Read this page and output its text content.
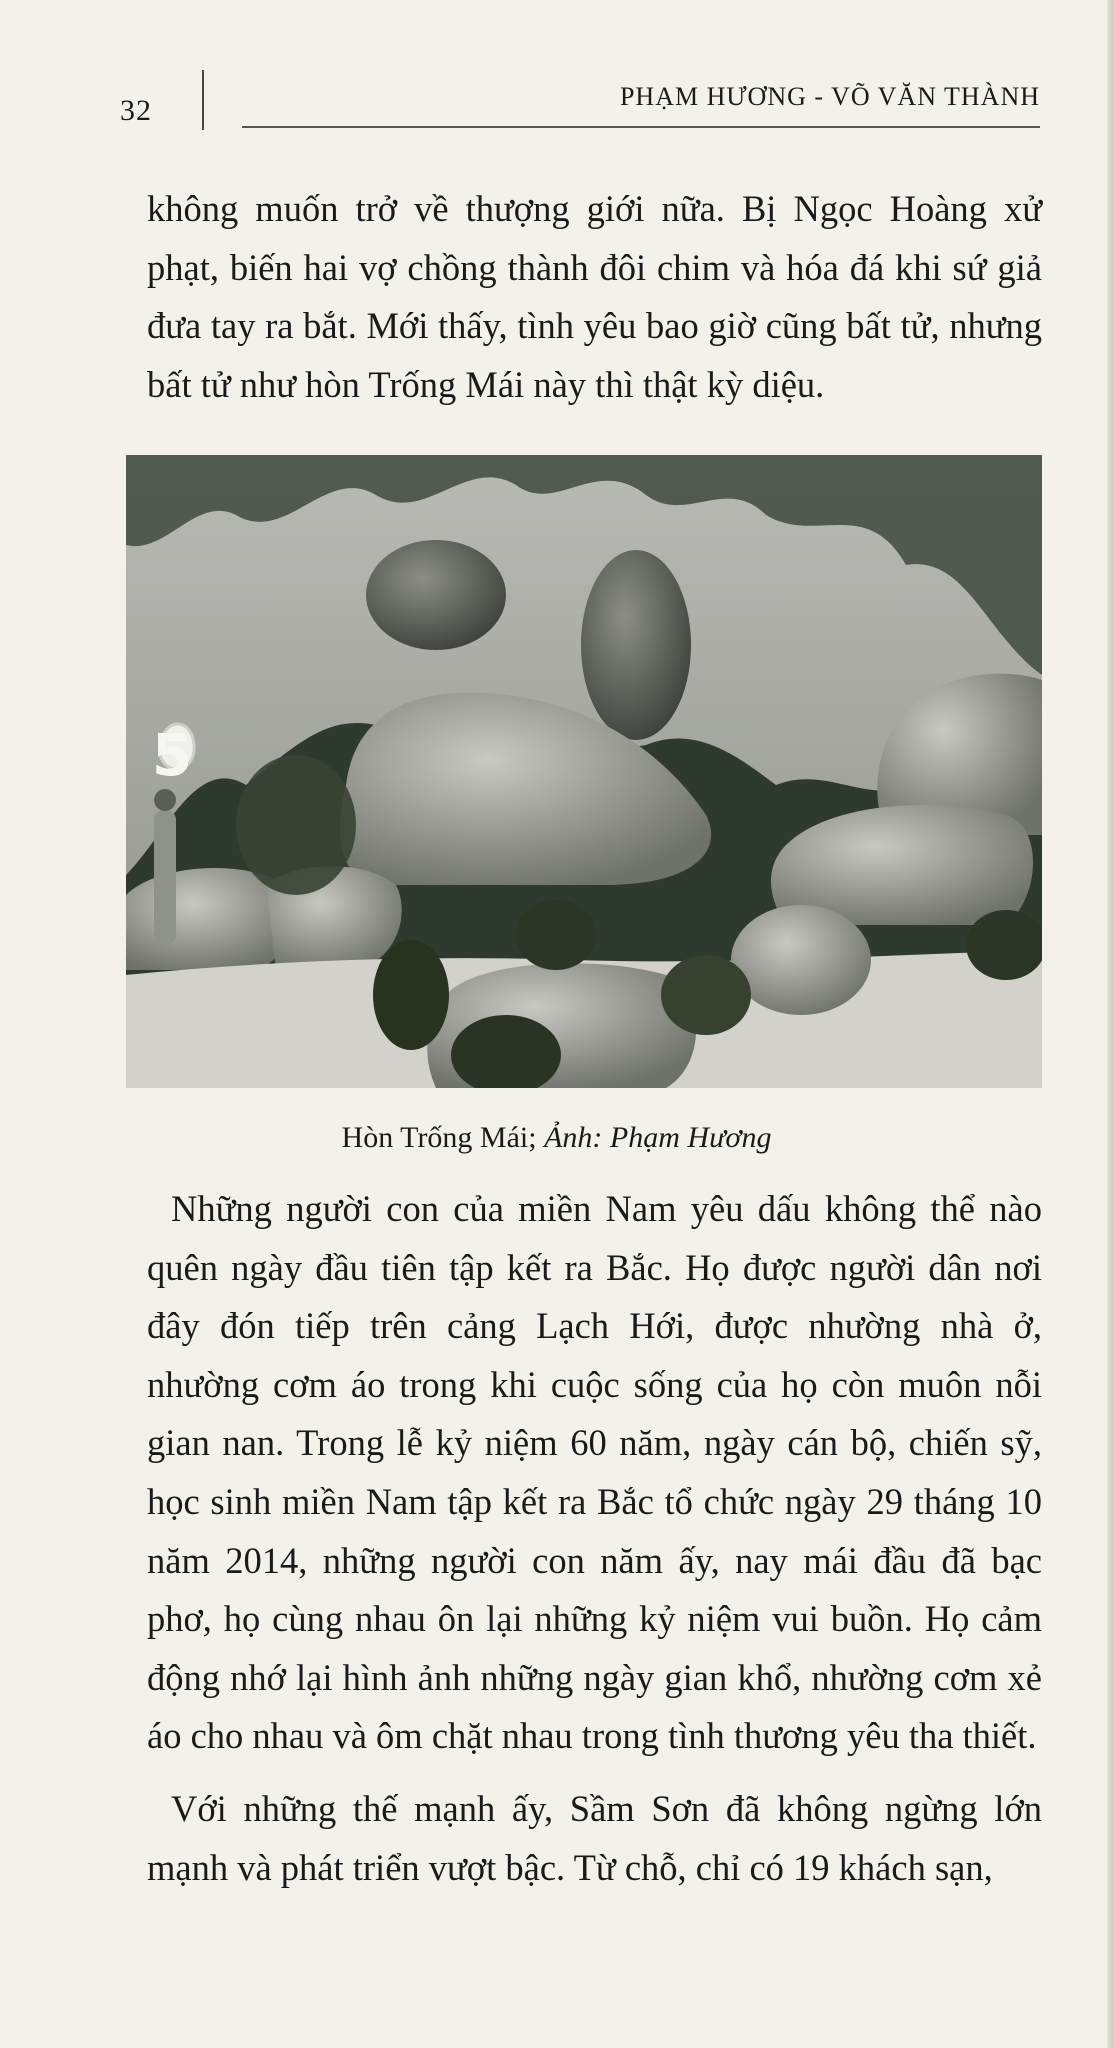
32	PHẠM HƯƠNG - VÕ VĂN THÀNH

không muốn trở về thượng giới nữa. Bị Ngọc Hoàng xử phạt, biến hai vợ chồng thành đôi chim và hóa đá khi sứ giả đưa tay ra bắt. Mới thấy, tình yêu bao giờ cũng bất tử, nhưng bất tử như hòn Trống Mái này thì thật kỳ diệu.

5
Hòn Trống Mái; Ảnh: Phạm Hương

Những người con của miền Nam yêu dấu không thể nào quên ngày đầu tiên tập kết ra Bắc. Họ được người dân nơi đây đón tiếp trên cảng Lạch Hới, được nhường nhà ở, nhường cơm áo trong khi cuộc sống của họ còn muôn nỗi gian nan. Trong lễ kỷ niệm 60 năm, ngày cán bộ, chiến sỹ, học sinh miền Nam tập kết ra Bắc tổ chức ngày 29 tháng 10 năm 2014, những người con năm ấy, nay mái đầu đã bạc phơ, họ cùng nhau ôn lại những kỷ niệm vui buồn. Họ cảm động nhớ lại hình ảnh những ngày gian khổ, nhường cơm xẻ áo cho nhau và ôm chặt nhau trong tình thương yêu tha thiết.

Với những thế mạnh ấy, Sầm Sơn đã không ngừng lớn mạnh và phát triển vượt bậc. Từ chỗ, chỉ có 19 khách sạn,
